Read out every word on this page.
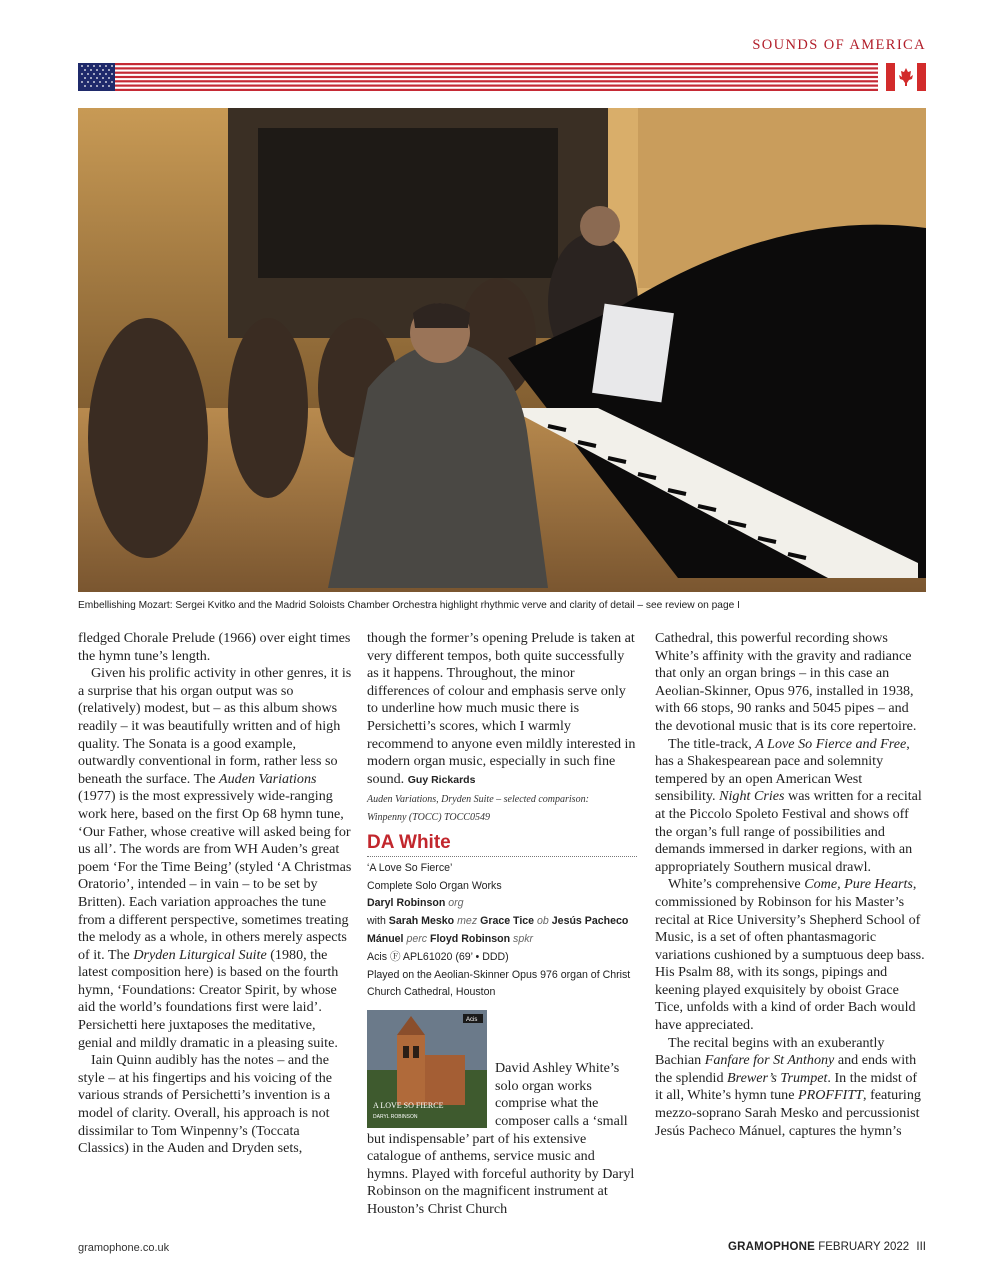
SOUNDS OF AMERICA
Embellishing Mozart: Sergei Kvitko and the Madrid Soloists Chamber Orchestra highlight rhythmic verve and clarity of detail – see review on page I

fledged Chorale Prelude (1966) over eight times the hymn tune’s length.

Given his prolific activity in other genres, it is a surprise that his organ output was so (relatively) modest, but – as this album shows readily – it was beautifully written and of high quality. The Sonata is a good example, outwardly conventional in form, rather less so beneath the surface. The Auden Variations (1977) is the most expressively wide-ranging work here, based on the first Op 68 hymn tune, ‘Our Father, whose creative will asked being for us all’. The words are from WH Auden’s great poem ‘For the Time Being’ (styled ‘A Christmas Oratorio’, intended – in vain – to be set by Britten). Each variation approaches the tune from a different perspective, sometimes treating the melody as a whole, in others merely aspects of it. The Dryden Liturgical Suite (1980, the latest composition here) is based on the fourth hymn, ‘Foundations: Creator Spirit, by whose aid the world’s foundations first were laid’. Persichetti here juxtaposes the meditative, genial and mildly dramatic in a pleasing suite.

Iain Quinn audibly has the notes – and the style – at his fingertips and his voicing of the various strands of Persichetti’s invention is a model of clarity. Overall, his approach is not dissimilar to Tom Winpenny’s (Toccata Classics) in the Auden and Dryden sets,

though the former’s opening Prelude is taken at very different tempos, both quite successfully as it happens. Throughout, the minor differences of colour and emphasis serve only to underline how much music there is Persichetti’s scores, which I warmly recommend to anyone even mildly interested in modern organ music, especially in such fine sound. Guy Rickards

Auden Variations, Dryden Suite – selected comparison:
Winpenny (TOCC) TOCC0549
DA White
‘A Love So Fierce’
Complete Solo Organ Works
Daryl Robinson org
with Sarah Mesko mez Grace Tice ob Jesús Pacheco Mánuel perc Floyd Robinson spkr
Acis Ⓕ APL61020 (69’ • DDD)
Played on the Aeolian-Skinner Opus 976 organ of Christ Church Cathedral, Houston

Acis
A LOVE SO FIERCE
DARYL ROBINSON
David Ashley White’s solo organ works comprise what the composer calls a ‘small but indispensable’ part of his extensive catalogue of anthems, service music and hymns. Played with forceful authority by Daryl Robinson on the magnificent instrument at Houston’s Christ Church

Cathedral, this powerful recording shows White’s affinity with the gravity and radiance that only an organ brings – in this case an Aeolian-Skinner, Opus 976, installed in 1938, with 66 stops, 90 ranks and 5045 pipes – and the devotional music that is its core repertoire.

The title-track, A Love So Fierce and Free, has a Shakespearean pace and solemnity tempered by an open American West sensibility. Night Cries was written for a recital at the Piccolo Spoleto Festival and shows off the organ’s full range of possibilities and demands immersed in darker regions, with an appropriately Southern musical drawl.

White’s comprehensive Come, Pure Hearts, commissioned by Robinson for his Master’s recital at Rice University’s Shepherd School of Music, is a set of often phantasmagoric variations cushioned by a sumptuous deep bass. His Psalm 88, with its songs, pipings and keening played exquisitely by oboist Grace Tice, unfolds with a kind of order Bach would have appreciated.

The recital begins with an exuberantly Bachian Fanfare for St Anthony and ends with the splendid Brewer’s Trumpet. In the midst of it all, White’s hymn tune PROFFITT, featuring mezzo-soprano Sarah Mesko and percussionist Jesús Pacheco Mánuel, captures the hymn’s

gramophone.co.uk	GRAMOPHONE FEBRUARY 2022 III
